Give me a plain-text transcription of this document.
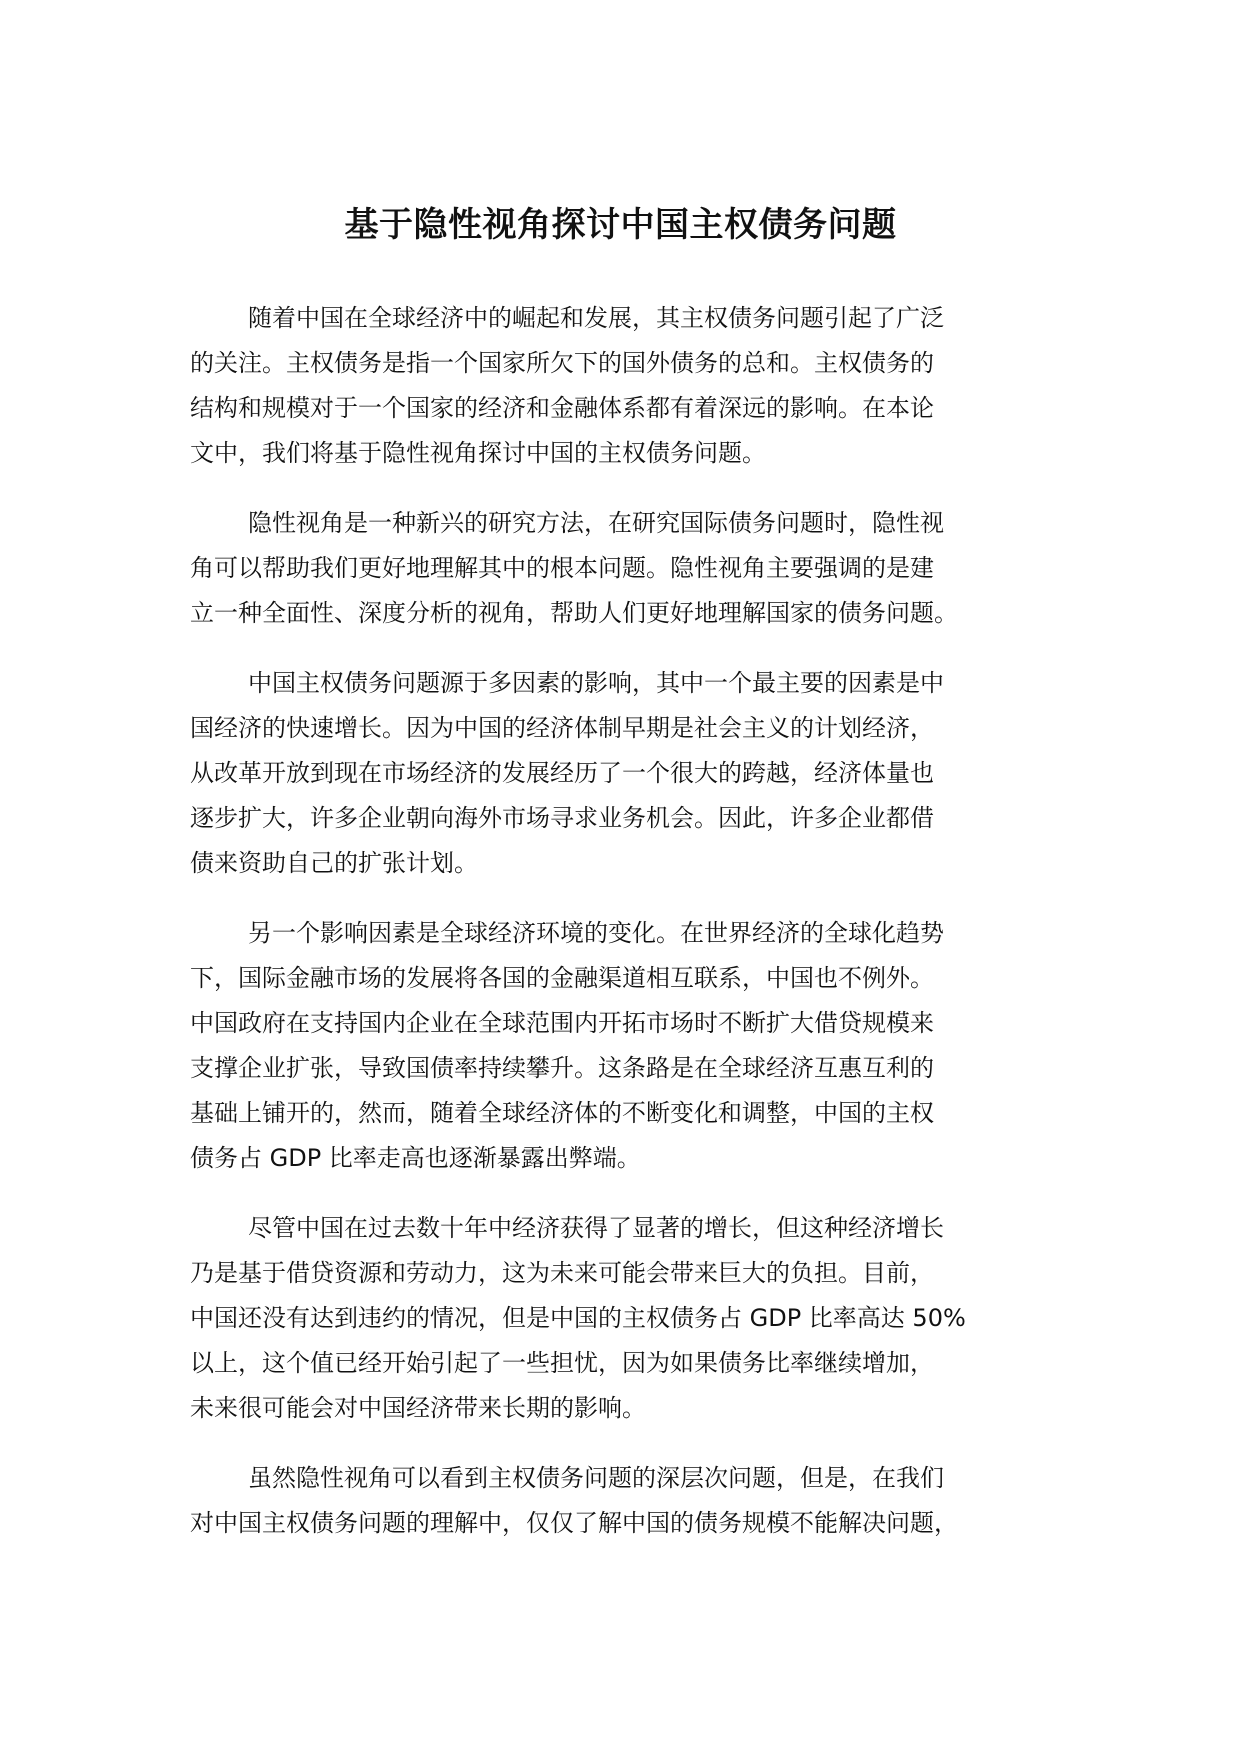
基于隐性视角探讨中国主权债务问题

随着中国在全球经济中的崛起和发展，其主权债务问题引起了广泛
的关注。主权债务是指一个国家所欠下的国外债务的总和。主权债务的
结构和规模对于一个国家的经济和金融体系都有着深远的影响。在本论
文中，我们将基于隐性视角探讨中国的主权债务问题。

隐性视角是一种新兴的研究方法，在研究国际债务问题时，隐性视
角可以帮助我们更好地理解其中的根本问题。隐性视角主要强调的是建
立一种全面性、深度分析的视角，帮助人们更好地理解国家的债务问题。

中国主权债务问题源于多因素的影响，其中一个最主要的因素是中
国经济的快速增长。因为中国的经济体制早期是社会主义的计划经济，
从改革开放到现在市场经济的发展经历了一个很大的跨越，经济体量也
逐步扩大，许多企业朝向海外市场寻求业务机会。因此，许多企业都借
债来资助自己的扩张计划。

另一个影响因素是全球经济环境的变化。在世界经济的全球化趋势
下，国际金融市场的发展将各国的金融渠道相互联系，中国也不例外。
中国政府在支持国内企业在全球范围内开拓市场时不断扩大借贷规模来
支撑企业扩张，导致国债率持续攀升。这条路是在全球经济互惠互利的
基础上铺开的，然而，随着全球经济体的不断变化和调整，中国的主权
债务占 GDP 比率走高也逐渐暴露出弊端。

尽管中国在过去数十年中经济获得了显著的增长，但这种经济增长
乃是基于借贷资源和劳动力，这为未来可能会带来巨大的负担。目前，
中国还没有达到违约的情况，但是中国的主权债务占 GDP 比率高达 50%
以上，这个值已经开始引起了一些担忧，因为如果债务比率继续增加，
未来很可能会对中国经济带来长期的影响。

虽然隐性视角可以看到主权债务问题的深层次问题，但是，在我们
对中国主权债务问题的理解中，仅仅了解中国的债务规模不能解决问题，
